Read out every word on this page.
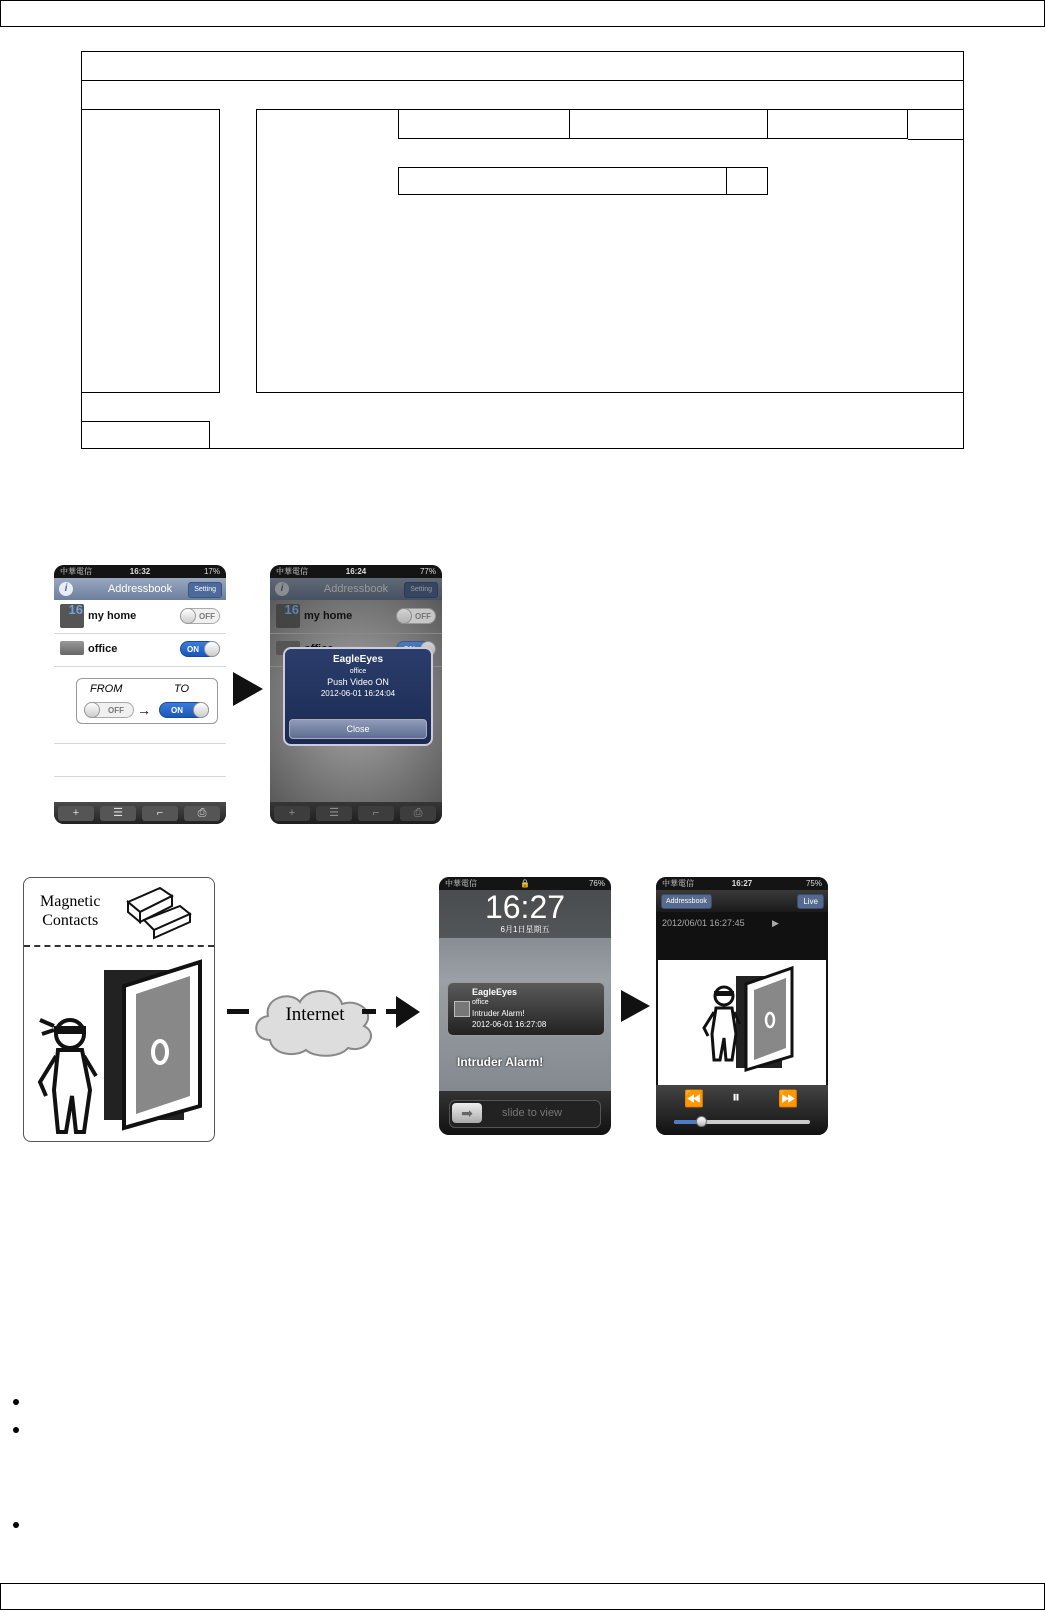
中華電信	16:32	17%
i	Addressbook	Setting
16 my home	OFF
office	ON
FROM	TO
OFF →	ON
+	☰	⌐	⎙
中華電信	16:24	77%
i	Addressbook	Setting
16 my home	OFF
EagleEyes
office
Push Video ON
2012-06-01 16:24:04
Close
+	☰	⌐	⎙
Magnetic
Contacts
Internet
中華電信	🔒	76%
16:27
6月1日星期五
EagleEyes
office
Intruder Alarm!
2012-06-01 16:27:08
Intruder Alarm!
➡	slide to view
中華電信	16:27	75%
Addressbook	Live
2012/06/01 16:27:45	▶
⏪ ⏸ ⏩
